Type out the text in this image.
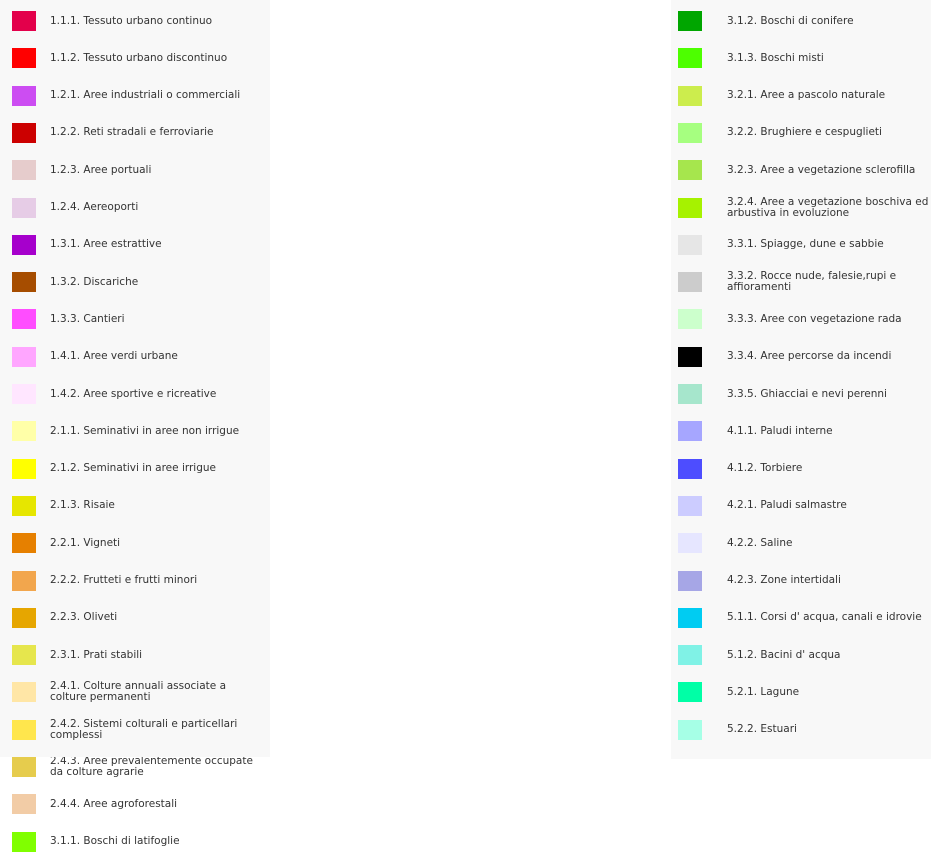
1.1.1. Tessuto urbano continuo
1.1.2. Tessuto urbano discontinuo
1.2.1. Aree industriali o commerciali
1.2.2. Reti stradali e ferroviarie
1.2.3. Aree portuali
1.2.4. Aereoporti
1.3.1. Aree estrattive
1.3.2. Discariche
1.3.3. Cantieri
1.4.1. Aree verdi urbane
1.4.2. Aree sportive e ricreative
2.1.1. Seminativi in aree non irrigue
2.1.2. Seminativi in aree irrigue
2.1.3. Risaie
2.2.1. Vigneti
2.2.2. Frutteti e frutti minori
2.2.3. Oliveti
2.3.1. Prati stabili
2.4.1. Colture annuali associate a
colture permanenti
2.4.2. Sistemi colturali e particellari
complessi
2.4.3. Aree prevalentemente occupate
da colture agrarie
2.4.4. Aree agroforestali
3.1.1. Boschi di latifoglie
3.1.2. Boschi di conifere
3.1.3. Boschi misti
3.2.1. Aree a pascolo naturale
3.2.2. Brughiere e cespuglieti
3.2.3. Aree a vegetazione sclerofilla
3.2.4. Aree a vegetazione boschiva ed
arbustiva in evoluzione
3.3.1. Spiagge, dune e sabbie
3.3.2. Rocce nude, falesie,rupi e
affioramenti
3.3.3. Aree con vegetazione rada
3.3.4. Aree percorse da incendi
3.3.5. Ghiacciai e nevi perenni
4.1.1. Paludi interne
4.1.2. Torbiere
4.2.1. Paludi salmastre
4.2.2. Saline
4.2.3. Zone intertidali
5.1.1. Corsi d' acqua, canali e idrovie
5.1.2. Bacini d' acqua
5.2.1. Lagune
5.2.2. Estuari
